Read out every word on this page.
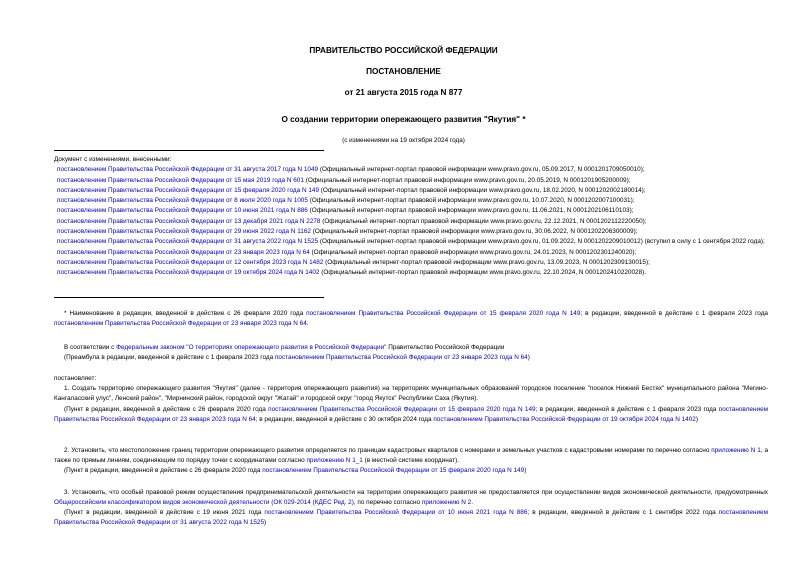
ПРАВИТЕЛЬСТВО РОССИЙСКОЙ ФЕДЕРАЦИИ
ПОСТАНОВЛЕНИЕ
от 21 августа 2015 года N 877
О создании территории опережающего развития "Якутия" *
(с изменениями на 19 октября 2024 года)

Документ с изменениями, внесенными:

постановлением Правительства Российской Федерации от 31 августа 2017 года N 1049 (Официальный интернет-портал правовой информации www.pravo.gov.ru, 05.09.2017, N 0001201709050010);

постановлением Правительства Российской Федерации от 15 мая 2019 года N 601 (Официальный интернет-портал правовой информации www.pravo.gov.ru, 20.05.2019, N 0001201905200009);

постановлением Правительства Российской Федерации от 15 февраля 2020 года N 149 (Официальный интернет-портал правовой информации www.pravo.gov.ru, 18.02.2020, N 0001202002180014);

постановлением Правительства Российской Федерации от 8 июля 2020 года N 1005 (Официальный интернет-портал правовой информации www.pravo.gov.ru, 10.07.2020, N 0001202007100031);

постановлением Правительства Российской Федерации от 10 июня 2021 года N 886 (Официальный интернет-портал правовой информации www.pravo.gov.ru, 11.06.2021, N 0001202106110103);

постановлением Правительства Российской Федерации от 13 декабря 2021 года N 2278 (Официальный интернет-портал правовой информации www.pravo.gov.ru, 22.12.2021, N 0001202112220050);

постановлением Правительства Российской Федерации от 29 июня 2022 года N 1162 (Официальный интернет-портал правовой информации www.pravo.gov.ru, 30.06.2022, N 0001202206300009);

постановлением Правительства Российской Федерации от 31 августа 2022 года N 1525 (Официальный интернет-портал правовой информации www.pravo.gov.ru, 01.09.2022, N 0001202209010012) (вступил в силу с 1 сентября 2022 года);

постановлением Правительства Российской Федерации от 23 января 2023 года N 64 (Официальный интернет-портал правовой информации www.pravo.gov.ru, 24.01.2023, N 0001202301240020);

постановлением Правительства Российской Федерации от 12 сентября 2023 года N 1482 (Официальный интернет-портал правовой информации www.pravo.gov.ru, 13.09.2023, N 0001202309130015);

постановлением Правительства Российской Федерации от 19 октября 2024 года N 1402 (Официальный интернет-портал правовой информации www.pravo.gov.ru, 22.10.2024, N 0001202410220028).

* Наименование в редакции, введенной в действие с 26 февраля 2020 года постановлением Правительства Российской Федерации от 15 февраля 2020 года N 149; в редакции, введенной в действие с 1 февраля 2023 года постановлением Правительства Российской Федерации от 23 января 2023 года N 64.
В соответствии с Федеральным законом "О территориях опережающего развития в Российской Федерации" Правительство Российской Федерации
(Преамбула в редакции, введенной в действие с 1 февраля 2023 года постановлением Правительства Российской Федерации от 23 января 2023 года N 64)
постановляет:
1. Создать территорию опережающего развития "Якутия" (далее - территория опережающего развития) на территориях муниципальных образований городское поселение "поселок Нижний Бестях" муниципального района "Мегино-Кангаласский улус", Ленский район", "Мирнинский район, городской округ "Жатай" и городской округ "город Якутск" Республики Саха (Якутия).
(Пункт в редакции, введенной в действие с 26 февраля 2020 года постановлением Правительства Российской Федерации от 15 февраля 2020 года N 149; в редакции, введенной в действие с 1 февраля 2023 года постановлением Правительства Российской Федерации от 23 января 2023 года N 64; в редакции, введенной в действие с 30 октября 2024 года постановлением Правительства Российской Федерации от 19 октября 2024 года N 1402)
2. Установить, что местоположение границ территории опережающего развития определяется по границам кадастровых кварталов с номерами и земельных участков с кадастровыми номерами по перечню согласно приложению N 1, а также по прямым линиям, соединяющим по порядку точки с координатами согласно приложению N 1_1 (в местной системе координат).
(Пункт в редакции, введенной в действие с 26 февраля 2020 года постановлением Правительства Российской Федерации от 15 февраля 2020 года N 149)
3. Установить, что особый правовой режим осуществления предпринимательской деятельности на территории опережающего развития не предоставляется при осуществлении видов экономической деятельности, предусмотренных Общероссийским классификатором видов экономической деятельности (ОК 029-2014 (КДЕС Ред. 2), по перечню согласно приложению N 2.
(Пункт в редакции, введенной в действие с 19 июня 2021 года постановлением Правительства Российской Федерации от 10 июня 2021 года N 886; в редакции, введенной в действие с 1 сентября 2022 года постановлением Правительства Российской Федерации от 31 августа 2022 года N 1525)
